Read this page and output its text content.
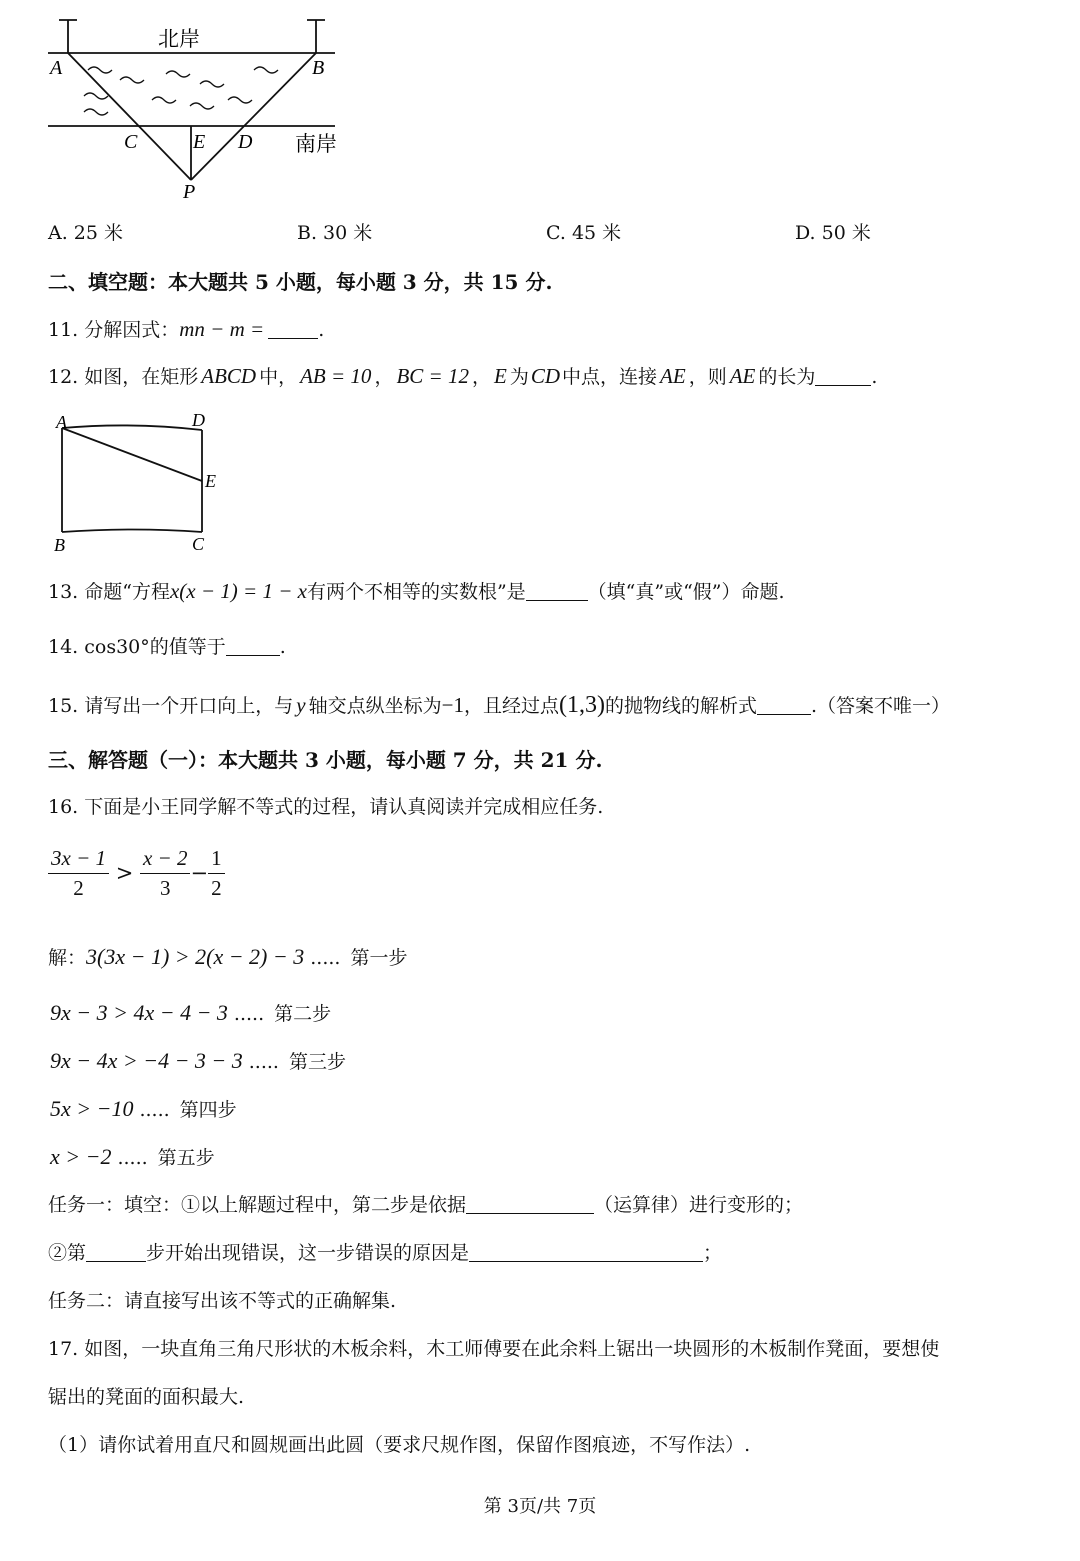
北岸
南岸
A	B
C	E D
P
A. 25 米	B. 30 米	C. 45 米	D. 50 米
二、填空题：本大题共 5 小题，每小题 3 分，共 15 分.
11. 分解因式：mn − m =	.
12. 如图，在矩形 ABCD 中， AB = 10 ， BC = 12 ， E 为CD 中点，连接 AE ，则 AE 的长为	.
A	D
E
B	C
13. 命题“方程x(x − 1) = 1 − x有两个不相等的实数根”是	（填“真”或“假”）命题.
14. cos30°的值等于	.
15. 请写出一个开口向上，与 y 轴交点纵坐标为−1，且经过点(1,3)的抛物线的解析式	.（答案不唯一）
三、解答题（一）：本大题共 3 小题，每小题 7 分，共 21 分.
16. 下面是小王同学解不等式的过程，请认真阅读并完成相应任务.
$\frac{3x - 1}{2} > \frac{x - 2}{3} - \frac{1}{2}$
解：3(3x − 1) > 2(x − 2) − 3 ..... 第一步
9x − 3 > 4x − 4 − 3 ..... 第二步
9x − 4x > −4 − 3 − 3 ..... 第三步
5x > −10 ..... 第四步
x > −2 ..... 第五步
任务一：填空：①以上解题过程中，第二步是依据	（运算律）进行变形的；
②第	步开始出现错误，这一步错误的原因是	；
任务二：请直接写出该不等式的正确解集.
17. 如图，一块直角三角尺形状的木板余料，木工师傅要在此余料上锯出一块圆形的木板制作凳面，要想使
锯出的凳面的面积最大.
（1）请你试着用直尺和圆规画出此圆（要求尺规作图，保留作图痕迹，不写作法）.
第 3页/共 7页
